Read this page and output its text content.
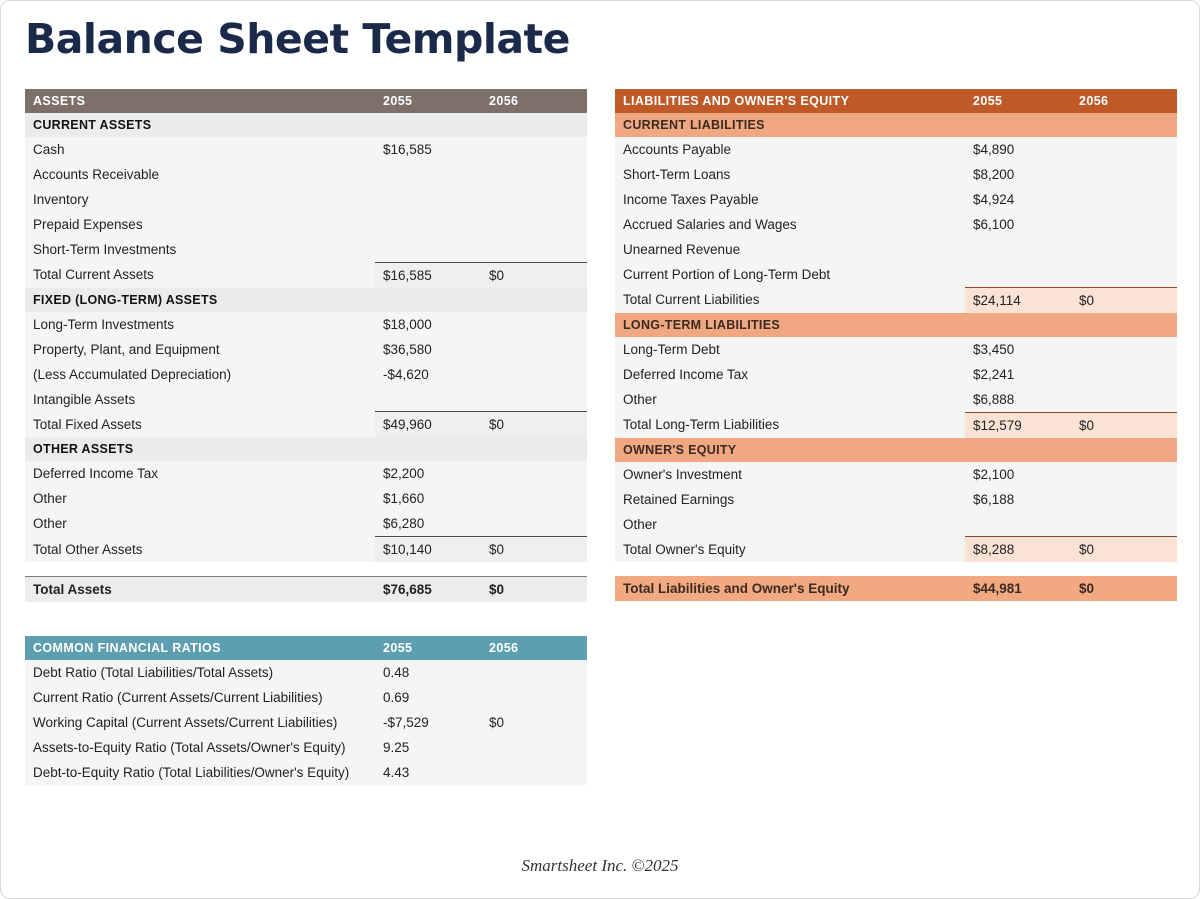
Balance Sheet Template
ASSETS	2055	2056
CURRENT ASSETS		
Cash	$16,585	
Accounts Receivable		
Inventory		
Prepaid Expenses		
Short-Term Investments		
Total Current Assets	$16,585	$0
FIXED (LONG-TERM) ASSETS		
Long-Term Investments	$18,000	
Property, Plant, and Equipment	$36,580	
(Less Accumulated Depreciation)	-$4,620	
Intangible Assets		
Total Fixed Assets	$49,960	$0
OTHER ASSETS		
Deferred Income Tax	$2,200	
Other	$1,660	
Other	$6,280	
Total Other Assets	$10,140	$0

Total Assets	$76,685	$0
COMMON FINANCIAL RATIOS	2055	2056
Debt Ratio (Total Liabilities/Total Assets)	0.48	
Current Ratio (Current Assets/Current Liabilities)	0.69	
Working Capital (Current Assets/Current Liabilities)	-$7,529	$0
Assets-to-Equity Ratio (Total Assets/Owner's Equity)	9.25	
Debt-to-Equity Ratio (Total Liabilities/Owner's Equity)	4.43	
LIABILITIES AND OWNER'S EQUITY	2055	2056
CURRENT LIABILITIES		
Accounts Payable	$4,890	
Short-Term Loans	$8,200	
Income Taxes Payable	$4,924	
Accrued Salaries and Wages	$6,100	
Unearned Revenue		
Current Portion of Long-Term Debt		
Total Current Liabilities	$24,114	$0
LONG-TERM LIABILITIES		
Long-Term Debt	$3,450	
Deferred Income Tax	$2,241	
Other	$6,888	
Total Long-Term Liabilities	$12,579	$0
OWNER'S EQUITY		
Owner's Investment	$2,100	
Retained Earnings	$6,188	
Other		
Total Owner's Equity	$8,288	$0

Total Liabilities and Owner's Equity	$44,981	$0
Smartsheet Inc. ©2025
